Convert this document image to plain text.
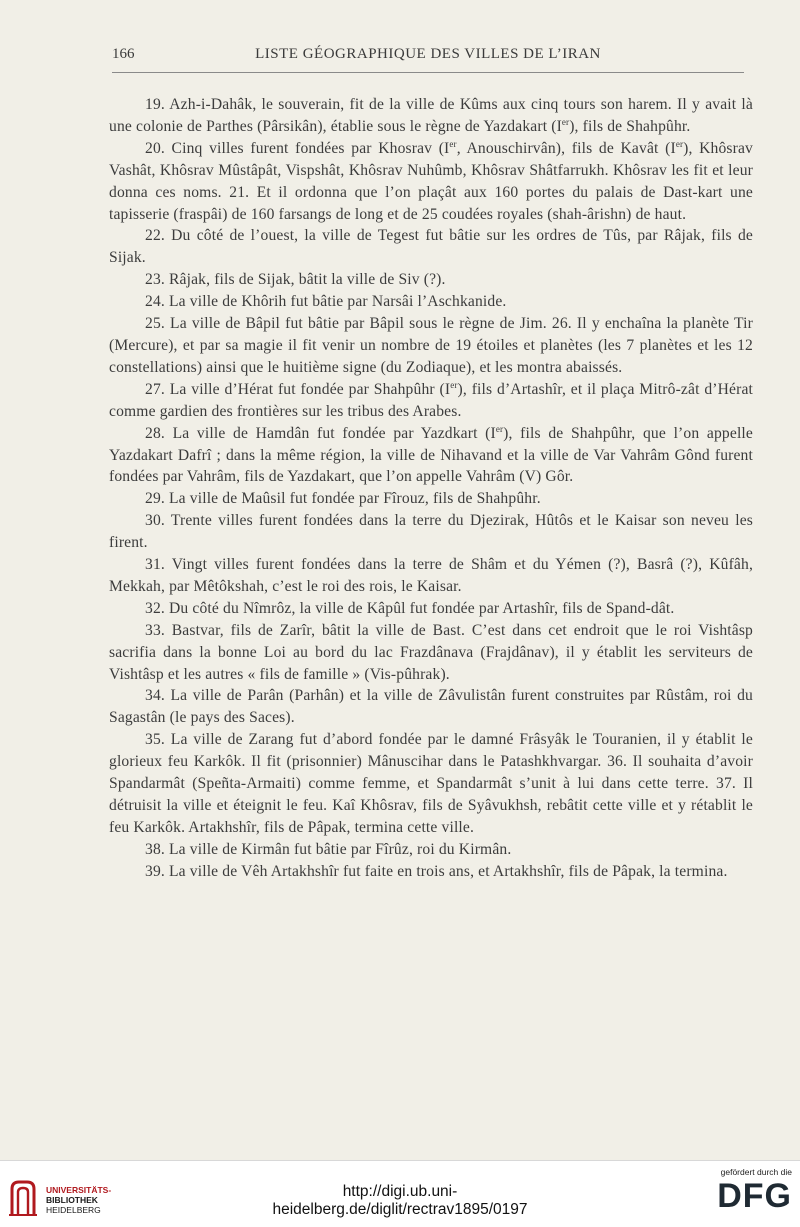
166	LISTE GÉOGRAPHIQUE DES VILLES DE L’IRAN

19. Azh-i-Dahâk, le souverain, fit de la ville de Kûms aux cinq tours son harem. Il y avait là une colonie de Parthes (Pârsikân), établie sous le règne de Yazdakart (Ier), fils de Shahpûhr.

20. Cinq villes furent fondées par Khosrav (Ier, Anouschirvân), fils de Kavât (Ier), Khôsrav Vashât, Khôsrav Mûstâpât, Vispshât, Khôsrav Nuhûmb, Khôsrav Shâtfarrukh. Khôsrav les fit et leur donna ces noms. 21. Et il ordonna que l’on plaçât aux 160 portes du palais de Dast-kart une tapisserie (fraspâi) de 160 farsangs de long et de 25 coudées royales (shah-ârishn) de haut.

22. Du côté de l’ouest, la ville de Tegest fut bâtie sur les ordres de Tûs, par Râjak, fils de Sijak.

23. Râjak, fils de Sijak, bâtit la ville de Siv (?).

24. La ville de Khôrih fut bâtie par Narsâi l’Aschkanide.

25. La ville de Bâpil fut bâtie par Bâpil sous le règne de Jim. 26. Il y enchaîna la planète Tir (Mercure), et par sa magie il fit venir un nombre de 19 étoiles et planètes (les 7 planètes et les 12 constellations) ainsi que le huitième signe (du Zodiaque), et les montra abaissés.

27. La ville d’Hérat fut fondée par Shahpûhr (Ier), fils d’Artashîr, et il plaça Mitrô-zât d’Hérat comme gardien des frontières sur les tribus des Arabes.

28. La ville de Hamdân fut fondée par Yazdkart (Ier), fils de Shahpûhr, que l’on appelle Yazdakart Dafrî ; dans la même région, la ville de Nihavand et la ville de Var Vahrâm Gônd furent fondées par Vahrâm, fils de Yazdakart, que l’on appelle Vahrâm (V) Gôr.

29. La ville de Maûsil fut fondée par Fîrouz, fils de Shahpûhr.

30. Trente villes furent fondées dans la terre du Djezirak, Hûtôs et le Kaisar son neveu les firent.

31. Vingt villes furent fondées dans la terre de Shâm et du Yémen (?), Basrâ (?), Kûfâh, Mekkah, par Mêtôkshah, c’est le roi des rois, le Kaisar.

32. Du côté du Nîmrôz, la ville de Kâpûl fut fondée par Artashîr, fils de Spand-dât.

33. Bastvar, fils de Zarîr, bâtit la ville de Bast. C’est dans cet endroit que le roi Vishtâsp sacrifia dans la bonne Loi au bord du lac Frazdânava (Frajdânav), il y établit les serviteurs de Vishtâsp et les autres « fils de famille » (Vis-pûhrak).

34. La ville de Parân (Parhân) et la ville de Zâvulistân furent construites par Rûstâm, roi du Sagastân (le pays des Saces).

35. La ville de Zarang fut d’abord fondée par le damné Frâsyâk le Touranien, il y établit le glorieux feu Karkôk. Il fit (prisonnier) Mânuscihar dans le Patashkhvargar. 36. Il souhaita d’avoir Spandarmât (Speñta-Armaiti) comme femme, et Spandarmât s’unit à lui dans cette terre. 37. Il détruisit la ville et éteignit le feu. Kaî Khôsrav, fils de Syâvukhsh, rebâtit cette ville et y rétablit le feu Karkôk. Artakhshîr, fils de Pâpak, termina cette ville.

38. La ville de Kirmân fut bâtie par Fîrûz, roi du Kirmân.

39. La ville de Vêh Artakhshîr fut faite en trois ans, et Artakhshîr, fils de Pâpak, la termina.

UNIVERSITÄTS-
BIBLIOTHEK
HEIDELBERG
http://digi.ub.uni-heidelberg.de/diglit/rectrav1895/0197
gefördert durch die
DFG
